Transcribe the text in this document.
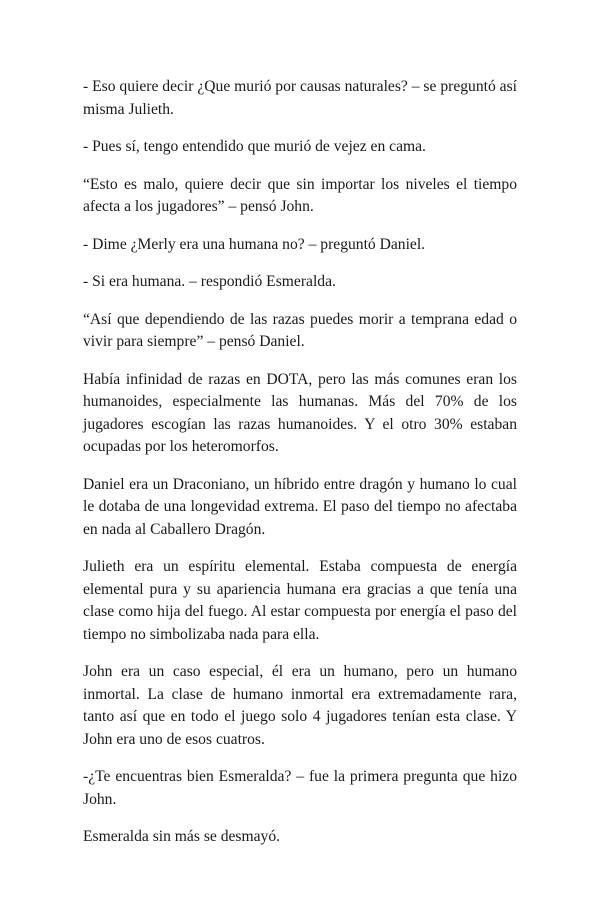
- Eso quiere decir ¿Que murió por causas naturales? – se preguntó así misma Julieth.

- Pues sí, tengo entendido que murió de vejez en cama.

“Esto es malo, quiere decir que sin importar los niveles el tiempo afecta a los jugadores” – pensó John.

- Dime ¿Merly era una humana no? – preguntó Daniel.

- Si era humana. – respondió Esmeralda.

“Así que dependiendo de las razas puedes morir a temprana edad o vivir para siempre” – pensó Daniel.

Había infinidad de razas en DOTA, pero las más comunes eran los humanoides, especialmente las humanas. Más del 70% de los jugadores escogían las razas humanoides. Y el otro 30% estaban ocupadas por los heteromorfos.

Daniel era un Draconiano, un híbrido entre dragón y humano lo cual le dotaba de una longevidad extrema. El paso del tiempo no afectaba en nada al Caballero Dragón.

Julieth era un espíritu elemental. Estaba compuesta de energía elemental pura y su apariencia humana era gracias a que tenía una clase como hija del fuego. Al estar compuesta por energía el paso del tiempo no simbolizaba nada para ella.

John era un caso especial, él era un humano, pero un humano inmortal. La clase de humano inmortal era extremadamente rara, tanto así que en todo el juego solo 4 jugadores tenían esta clase. Y John era uno de esos cuatros.

-¿Te encuentras bien Esmeralda? – fue la primera pregunta que hizo John.

Esmeralda sin más se desmayó.
